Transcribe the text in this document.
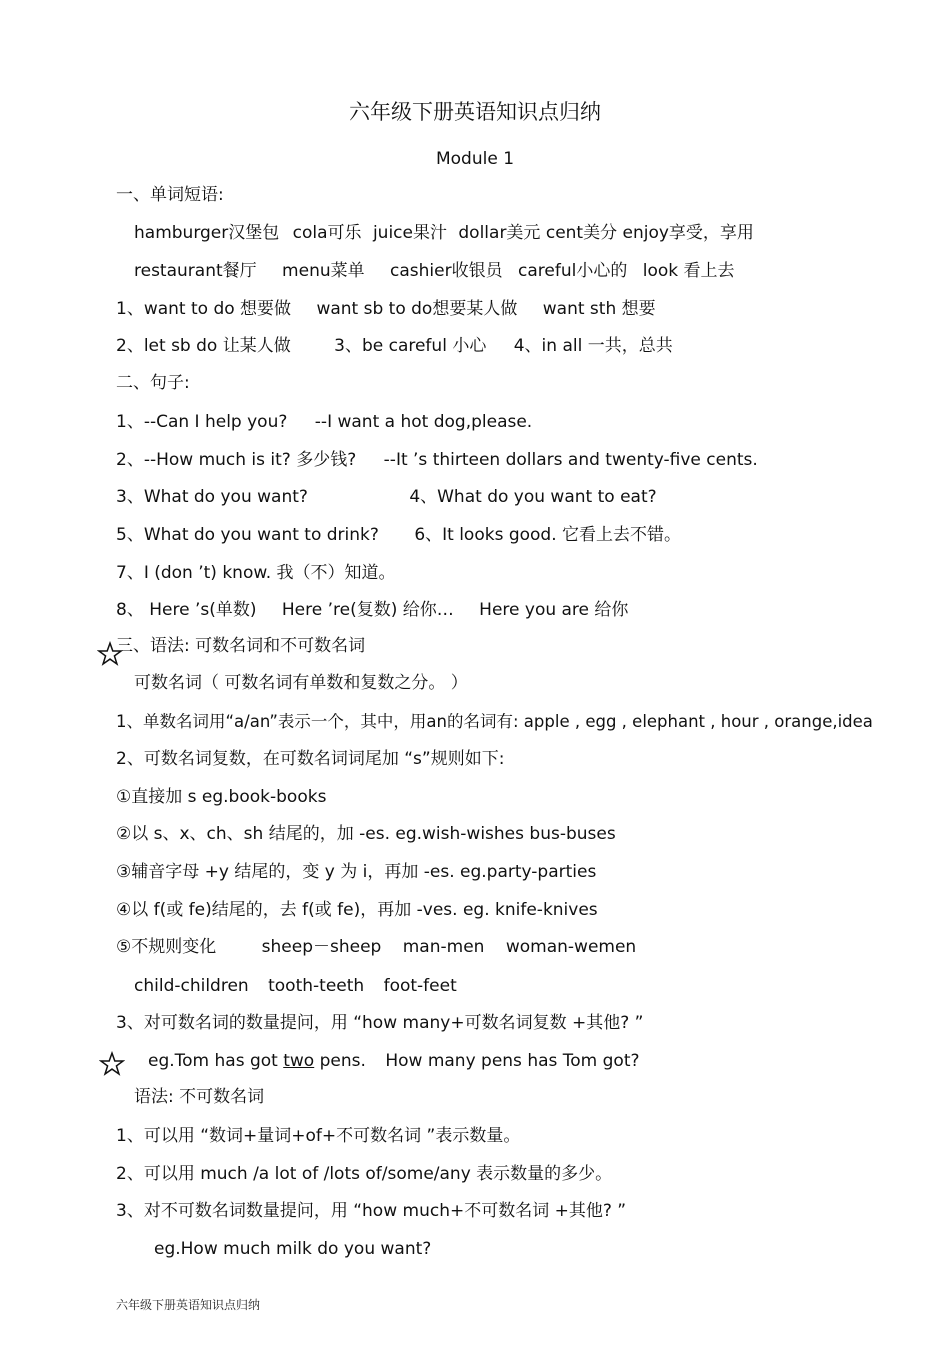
六年级下册英语知识点归纳
Module 1
一、单词短语:
hamburger汉堡包 cola可乐 juice果汁 dollar美元 cent美分 enjoy享受，享用
restaurant餐厅 menu菜单 cashier收银员 careful小心的 look 看上去
1、want to do 想要做 want sb to do想要某人做 want sth 想要
2、let sb do 让某人做	3、be careful 小心 4、in all 一共，总共
二、句子:
1、--Can I help you? --I want a hot dog,please.
2、--How much is it? 多少钱? --It ’s thirteen dollars and twenty-five cents.
3、What do you want?	4、What do you want to eat?
5、What do you want to drink? 6、It looks good. 它看上去不错。
7、I (don ’t) know. 我（不）知道。
8、 Here ’s(单数) Here ’re(复数) 给你… Here you are 给你
三、语法: 可数名词和不可数名词
可数名词（ 可数名词有单数和复数之分。 ）
1、单数名词用“a/an”表示一个，其中，用an的名词有: apple , egg , elephant , hour , orange,idea
2、可数名词复数，在可数名词词尾加 “s”规则如下:
①直接加 s eg.book-books
②以 s、x、ch、sh 结尾的，加 -es. eg.wish-wishes bus-buses
③辅音字母 +y 结尾的，变 y 为 i，再加 -es. eg.party-parties
④以 f(或 fe)结尾的，去 f(或 fe)，再加 -ves. eg. knife-knives
⑤不规则变化	sheep－sheep man-men woman-wemen
child-children tooth-teeth foot-feet
3、对可数名词的数量提问，用 “how many+可数名词复数 +其他? ”
eg.Tom has got two pens. How many pens has Tom got?
语法: 不可数名词
1、可以用 “数词+量词+of+不可数名词 ”表示数量。
2、可以用 much /a lot of /lots of/some/any 表示数量的多少。
3、对不可数名词数量提问，用 “how much+不可数名词 +其他? ”
eg.How much milk do you want?
六年级下册英语知识点归纳
